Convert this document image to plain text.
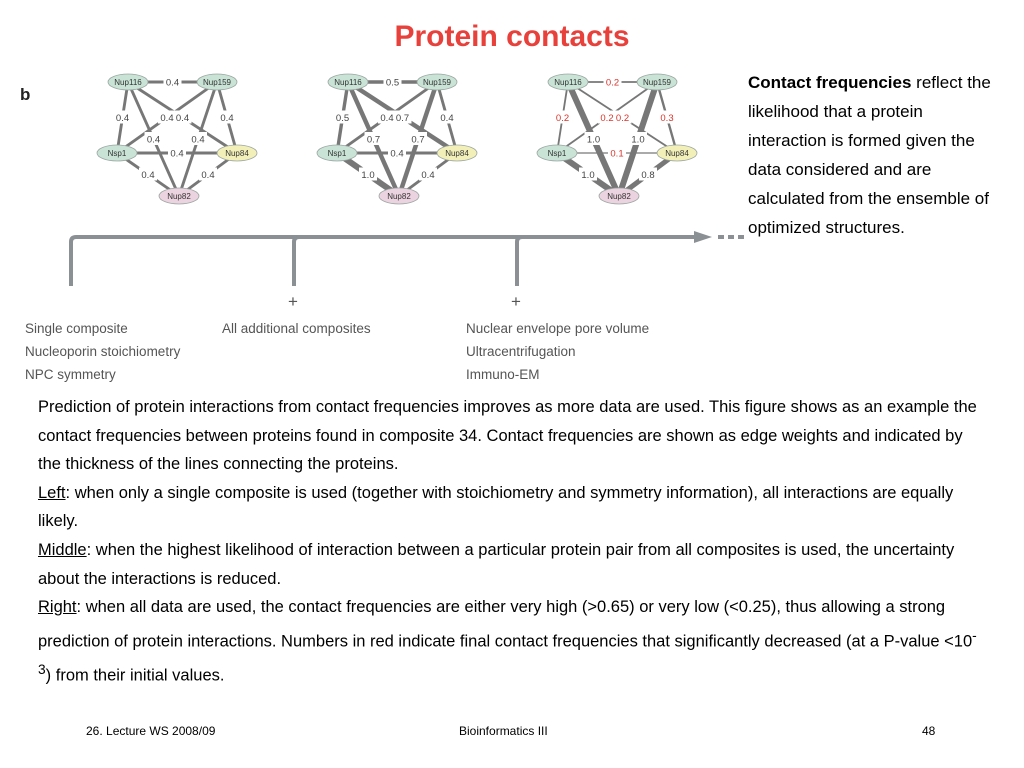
Protein contacts
b
0.4
0.4	0.4
0.4
0.4
0.4	0.4
0.4
0.4	0.4
Nup116	Nup159
Nsp1	Nup84
Nup82
0.5
0.5	0.4
0.7
0.4
0.7	0.7
0.4
1.0	0.4
Nup116	Nup159
Nsp1	Nup84
Nup82
0.2
0.2	0.3
0.2
0.2
1.0	1.0
0.1
1.0	0.8
Nup116	Nup159
Nsp1	Nup84
Nup82
Contact frequencies reflect the likelihood that a protein interaction is formed given the data considered and are calculated from the ensemble of optimized structures.
+	+
Single composite
Nucleoporin stoichiometry
NPC symmetry
All additional composites	Nuclear envelope pore volume
Ultracentrifugation
Immuno-EM

Prediction of protein interactions from contact frequencies improves as more data are used. This figure shows as an example the contact frequencies between proteins found in composite 34. Contact frequencies are shown as edge weights and indicated by the thickness of the lines connecting the proteins.

Left: when only a single composite is used (together with stoichiometry and symmetry information), all interactions are equally likely.

Middle: when the highest likelihood of interaction between a particular protein pair from all composites is used, the uncertainty about the interactions is reduced.

Right: when all data are used, the contact frequencies are either very high (>0.65) or very low (<0.25), thus allowing a strong prediction of protein interactions. Numbers in red indicate final contact frequencies that significantly decreased (at a P-value $<10^{-3}$) from their initial values.

26. Lecture WS 2008/09	Bioinformatics III	48
